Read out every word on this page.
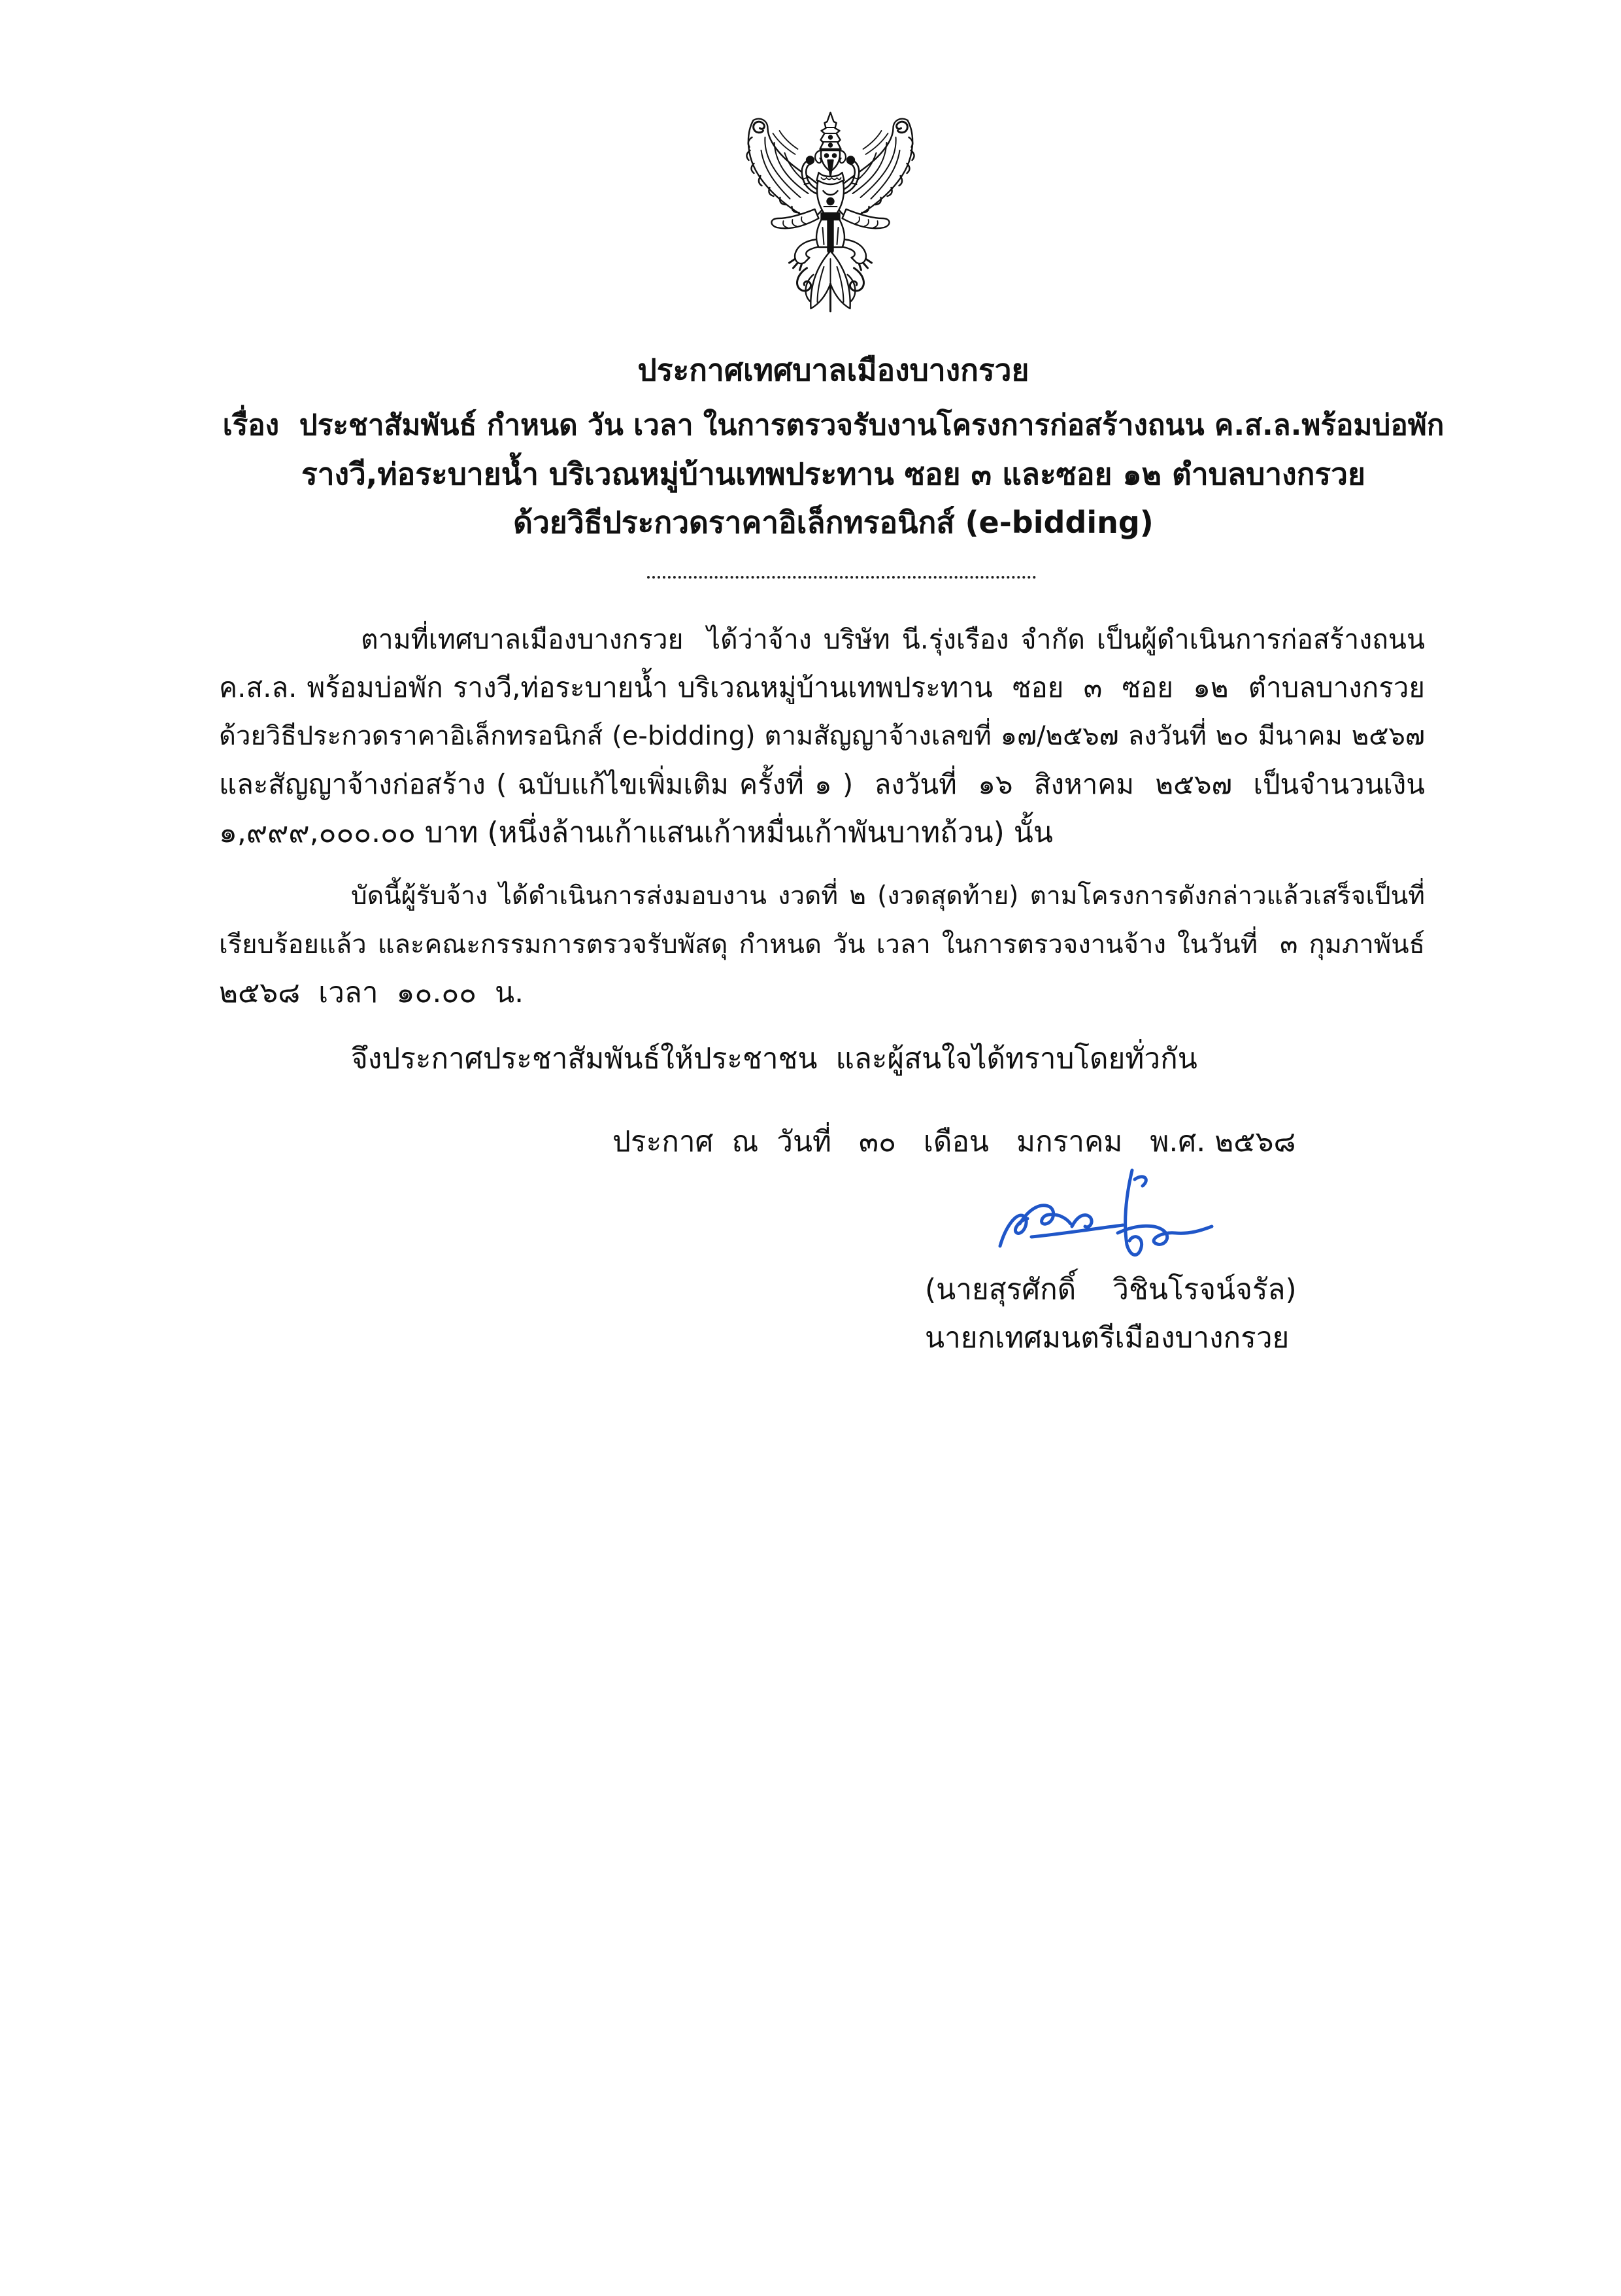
ประกาศเทศบาลเมืองบางกรวย
เรื่อง  ประชาสัมพันธ์ กำหนด วัน เวลา ในการตรวจรับงานโครงการก่อสร้างถนน ค.ส.ล.พร้อมบ่อพัก
รางวี,ท่อระบายน้ำ บริเวณหมู่บ้านเทพประทาน ซอย ๓ และซอย ๑๒ ตำบลบางกรวย
ด้วยวิธีประกวดราคาอิเล็กทรอนิกส์ (e-bidding)
ตามที่เทศบาลเมืองบางกรวย  ได้ว่าจ้าง บริษัท นี.รุ่งเรือง จำกัด เป็นผู้ดำเนินการก่อสร้างถนน
ค.ส.ล. พร้อมบ่อพัก รางวี,ท่อระบายน้ำ บริเวณหมู่บ้านเทพประทาน  ซอย  ๓  ซอย  ๑๒  ตำบลบางกรวย
ด้วยวิธีประกวดราคาอิเล็กทรอนิกส์ (e-bidding) ตามสัญญาจ้างเลขที่ ๑๗/๒๕๖๗ ลงวันที่ ๒๐ มีนาคม ๒๕๖๗
และสัญญาจ้างก่อสร้าง ( ฉบับแก้ไขเพิ่มเติม ครั้งที่ ๑ )  ลงวันที่  ๑๖  สิงหาคม  ๒๕๖๗  เป็นจำนวนเงิน
๑,๙๙๙,๐๐๐.๐๐ บาท (หนึ่งล้านเก้าแสนเก้าหมื่นเก้าพันบาทถ้วน) นั้น
บัดนี้ผู้รับจ้าง ได้ดำเนินการส่งมอบงาน งวดที่ ๒ (งวดสุดท้าย) ตามโครงการดังกล่าวแล้วเสร็จเป็นที่
เรียบร้อยแล้ว และคณะกรรมการตรวจรับพัสดุ กำหนด วัน เวลา ในการตรวจงานจ้าง ในวันที่  ๓ กุมภาพันธ์
๒๕๖๘  เวลา  ๑๐.๐๐  น.
จึงประกาศประชาสัมพันธ์ให้ประชาชน  และผู้สนใจได้ทราบโดยทั่วกัน
ประกาศ  ณ  วันที่   ๓๐   เดือน   มกราคม   พ.ศ. ๒๕๖๘
(นายสุรศักดิ์    วิชินโรจน์จรัล)
นายกเทศมนตรีเมืองบางกรวย
